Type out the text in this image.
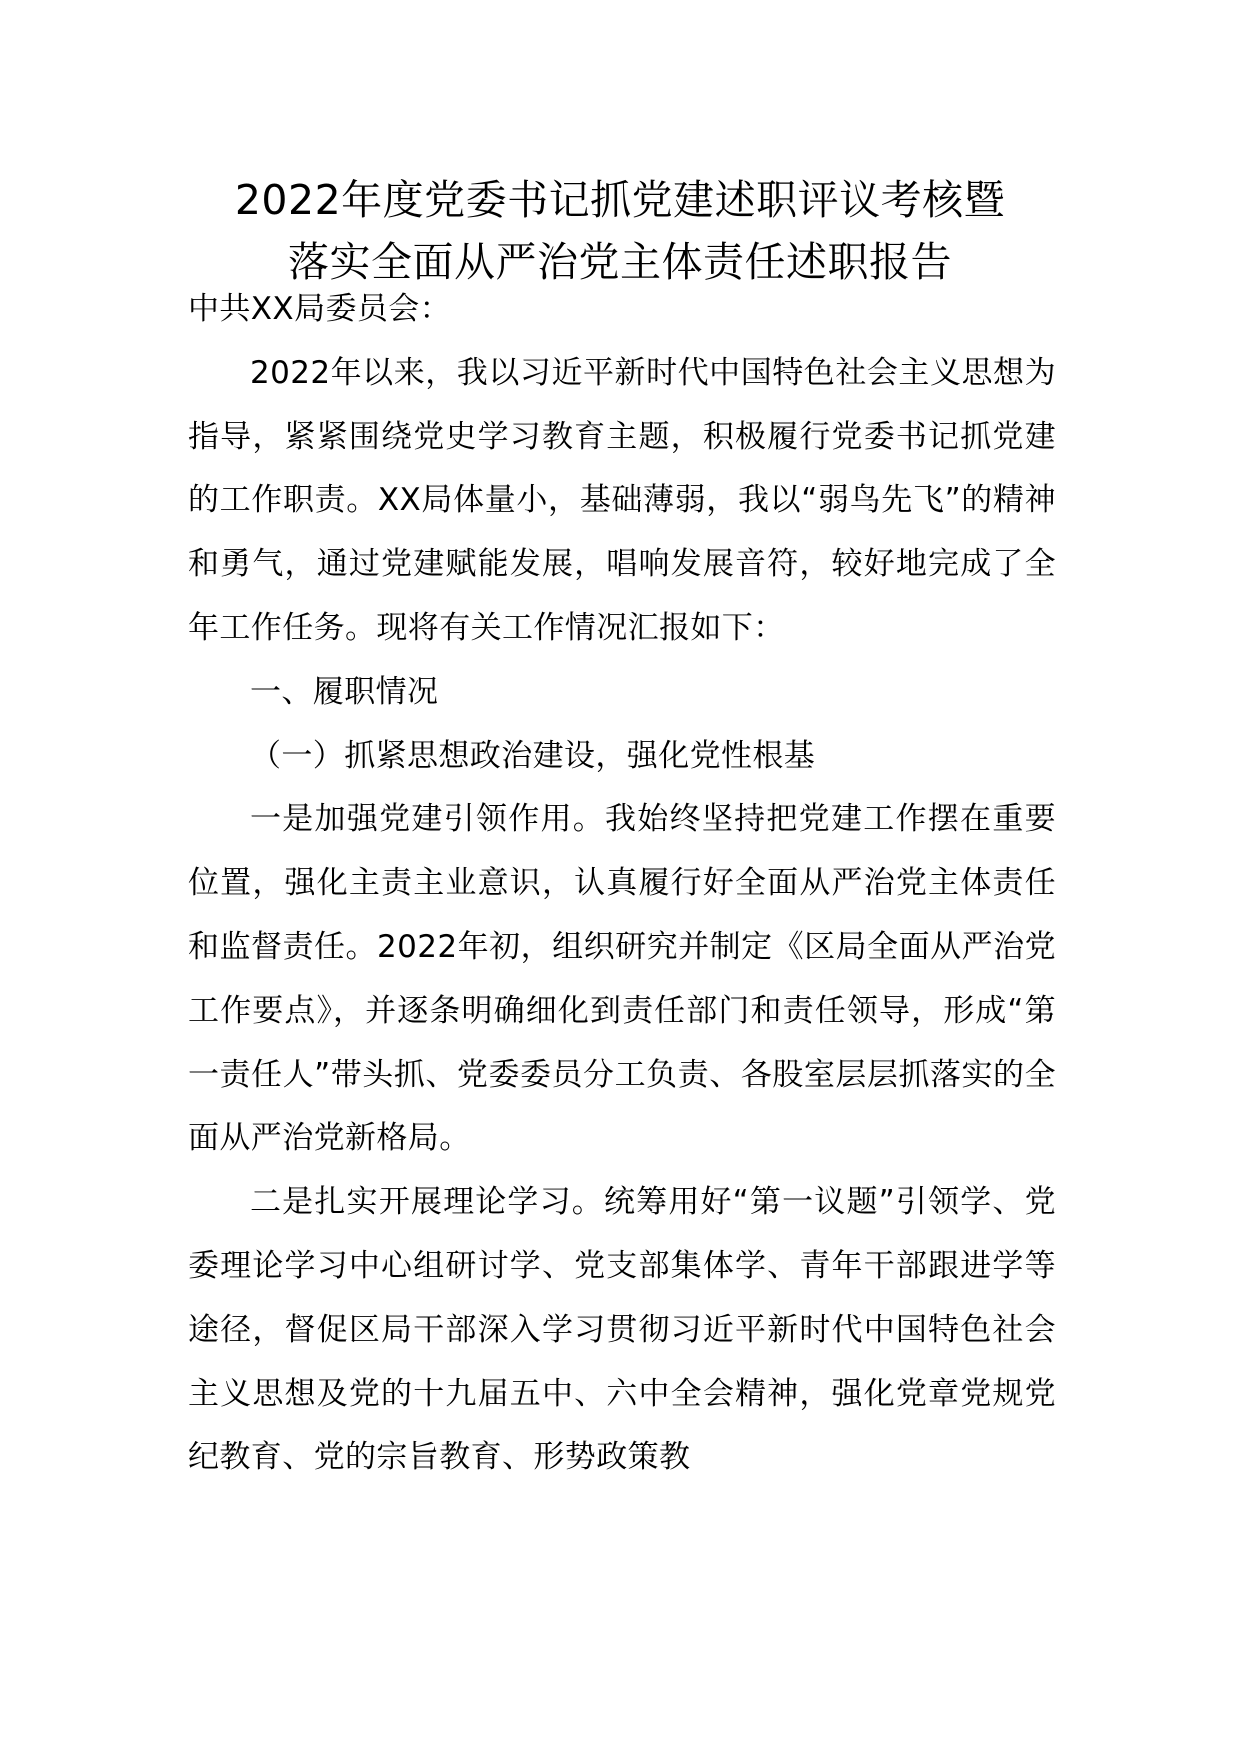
2022年度党委书记抓党建述职评议考核暨
落实全面从严治党主体责任述职报告

中共XX局委员会：

2022年以来，我以习近平新时代中国特色社会主义思想为指导，紧紧围绕党史学习教育主题，积极履行党委书记抓党建的工作职责。XX局体量小，基础薄弱，我以“弱鸟先飞”的精神和勇气，通过党建赋能发展，唱响发展音符，较好地完成了全年工作任务。现将有关工作情况汇报如下：

一、履职情况

（一）抓紧思想政治建设，强化党性根基

一是加强党建引领作用。我始终坚持把党建工作摆在重要位置，强化主责主业意识，认真履行好全面从严治党主体责任和监督责任。2022年初，组织研究并制定《区局全面从严治党工作要点》，并逐条明确细化到责任部门和责任领导，形成“第一责任人”带头抓、党委委员分工负责、各股室层层抓落实的全面从严治党新格局。

二是扎实开展理论学习。统筹用好“第一议题”引领学、党委理论学习中心组研讨学、党支部集体学、青年干部跟进学等途径，督促区局干部深入学习贯彻习近平新时代中国特色社会主义思想及党的十九届五中、六中全会精神，强化党章党规党纪教育、党的宗旨教育、形势政策教
